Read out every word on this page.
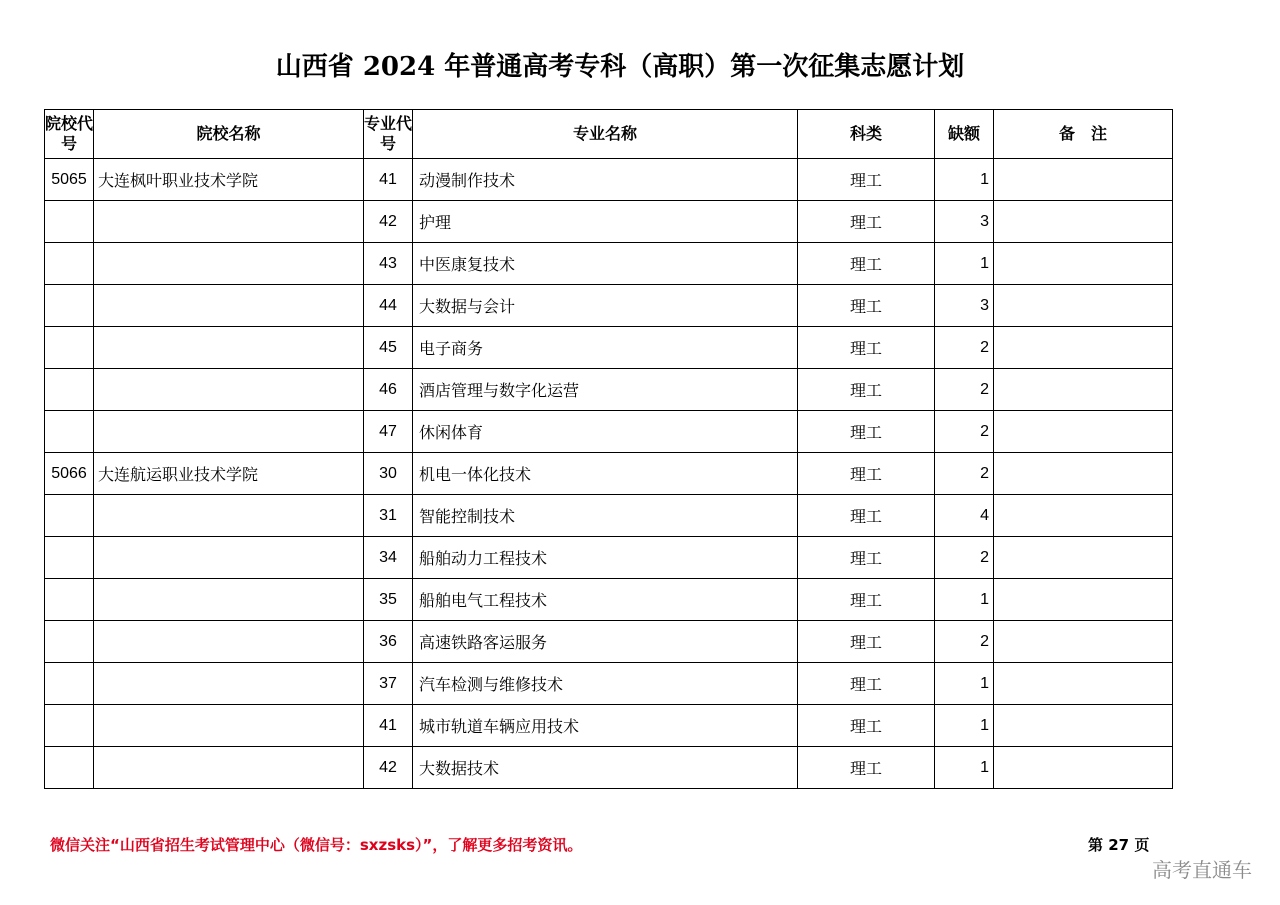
山西省 2024 年普通高考专科（高职）第一次征集志愿计划
院校代号	院校名称	专业代号	专业名称	科类	缺额	备　注
5065	大连枫叶职业技术学院	41	动漫制作技术	理工	1	
		42	护理	理工	3	
		43	中医康复技术	理工	1	
		44	大数据与会计	理工	3	
		45	电子商务	理工	2	
		46	酒店管理与数字化运营	理工	2	
		47	休闲体育	理工	2	
5066	大连航运职业技术学院	30	机电一体化技术	理工	2	
		31	智能控制技术	理工	4	
		34	船舶动力工程技术	理工	2	
		35	船舶电气工程技术	理工	1	
		36	高速铁路客运服务	理工	2	
		37	汽车检测与维修技术	理工	1	
		41	城市轨道车辆应用技术	理工	1	
		42	大数据技术	理工	1	
微信关注“山西省招生考试管理中心（微信号：sxzsks）”，了解更多招考资讯。	第 27 页
高考直通车
